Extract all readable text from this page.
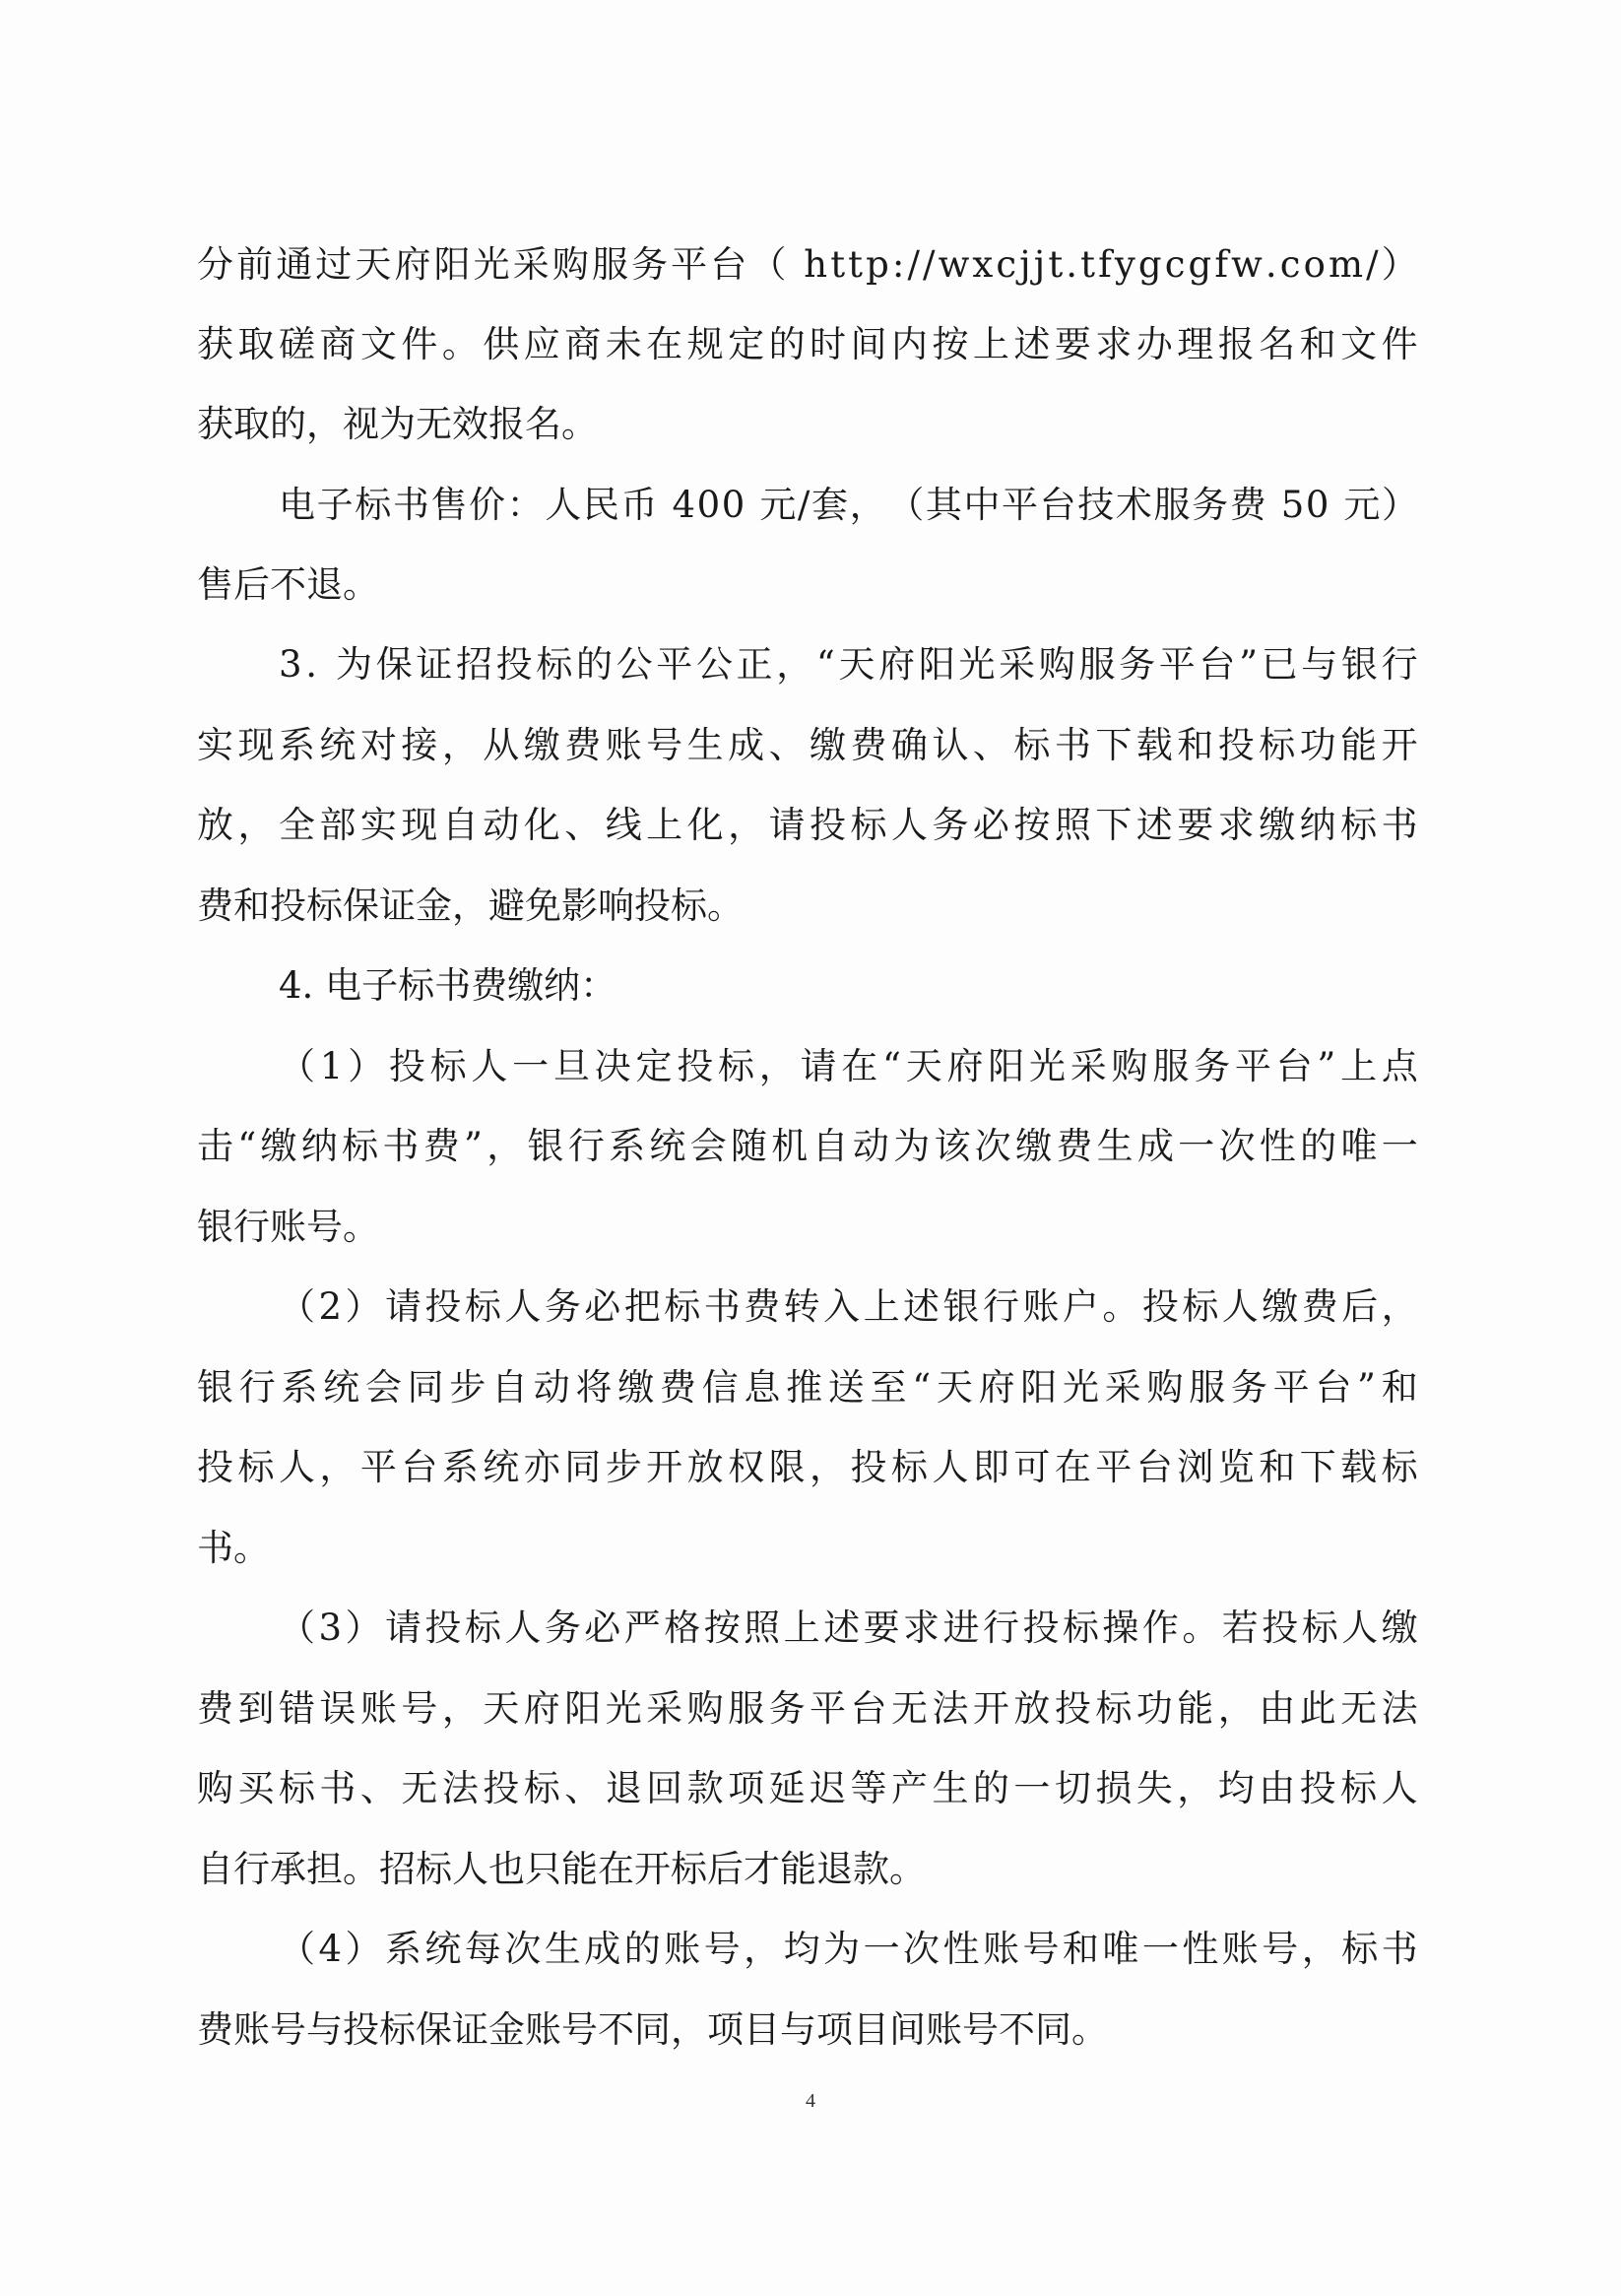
分 前 通 过 天 府 阳 光 采 购 服 务 平 台 （
h t t p : / / w x c j j t . t f y g c g f w . c o m / ）
获 取 磋 商 文 件 。 供 应 商 未 在 规 定 的 时 间 内 按 上 述 要 求 办 理 报 名 和 文 件
获取的，视为无效报名。
电 子 标 书 售 价 ： 人 民 币
4 0 0
元 / 套 ， （ 其 中 平 台 技 术 服 务 费
5 0
元 ）
售后不退。
3 .
为 保 证 招 投 标 的 公 平 公 正 ， “ 天 府 阳 光 采 购 服 务 平 台 ” 已 与 银 行
实 现 系 统 对 接 ， 从 缴 费 账 号 生 成 、 缴 费 确 认 、 标 书 下 载 和 投 标 功 能 开
放 ， 全 部 实 现 自 动 化 、 线 上 化 ， 请 投 标 人 务 必 按 照 下 述 要 求 缴 纳 标 书
费和投标保证金，避免影响投标。
4. 电子标书费缴纳：
（ 1 ） 投 标 人 一 旦 决 定 投 标 ， 请 在 “ 天 府 阳 光 采 购 服 务 平 台 ” 上 点
击 “ 缴 纳 标 书 费 ” ， 银 行 系 统 会 随 机 自 动 为 该 次 缴 费 生 成 一 次 性 的 唯 一
银行账号。
（ 2 ） 请 投 标 人 务 必 把 标 书 费 转 入 上 述 银 行 账 户 。 投 标 人 缴 费 后 ，
银 行 系 统 会 同 步 自 动 将 缴 费 信 息 推 送 至 “ 天 府 阳 光 采 购 服 务 平 台 ” 和
投 标 人 ， 平 台 系 统 亦 同 步 开 放 权 限 ， 投 标 人 即 可 在 平 台 浏 览 和 下 载 标
书。
（ 3 ） 请 投 标 人 务 必 严 格 按 照 上 述 要 求 进 行 投 标 操 作 。 若 投 标 人 缴
费 到 错 误 账 号 ， 天 府 阳 光 采 购 服 务 平 台 无 法 开 放 投 标 功 能 ， 由 此 无 法
购 买 标 书 、 无 法 投 标 、 退 回 款 项 延 迟 等 产 生 的 一 切 损 失 ， 均 由 投 标 人
自行承担。招标人也只能在开标后才能退款。
（ 4 ） 系 统 每 次 生 成 的 账 号 ， 均 为 一 次 性 账 号 和 唯 一 性 账 号 ， 标 书
费账号与投标保证金账号不同，项目与项目间账号不同。
4
